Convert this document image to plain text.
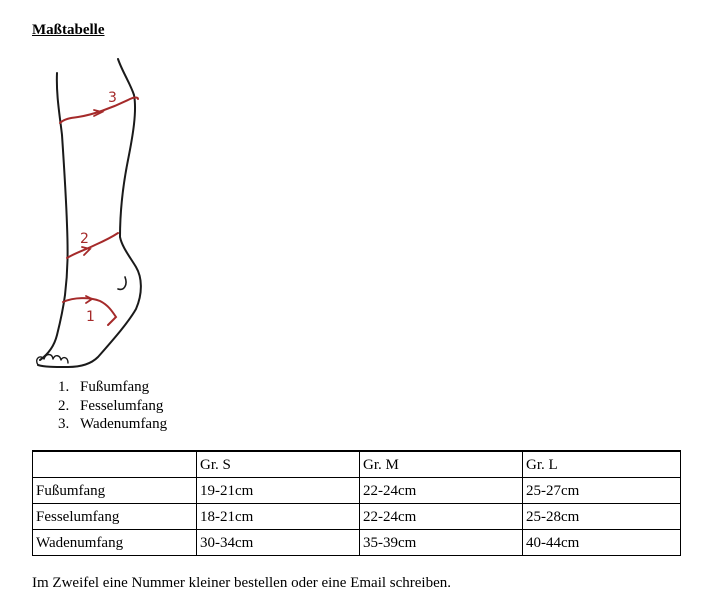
Maßtabelle
3
2
1
1. Fußumfang
2. Fesselumfang
3. Wadenumfang
	Gr. S	Gr. M	Gr. L
Fußumfang	19-21cm	22-24cm	25-27cm
Fesselumfang	18-21cm	22-24cm	25-28cm
Wadenumfang	30-34cm	35-39cm	40-44cm

Im Zweifel eine Nummer kleiner bestellen oder eine Email schreiben.
